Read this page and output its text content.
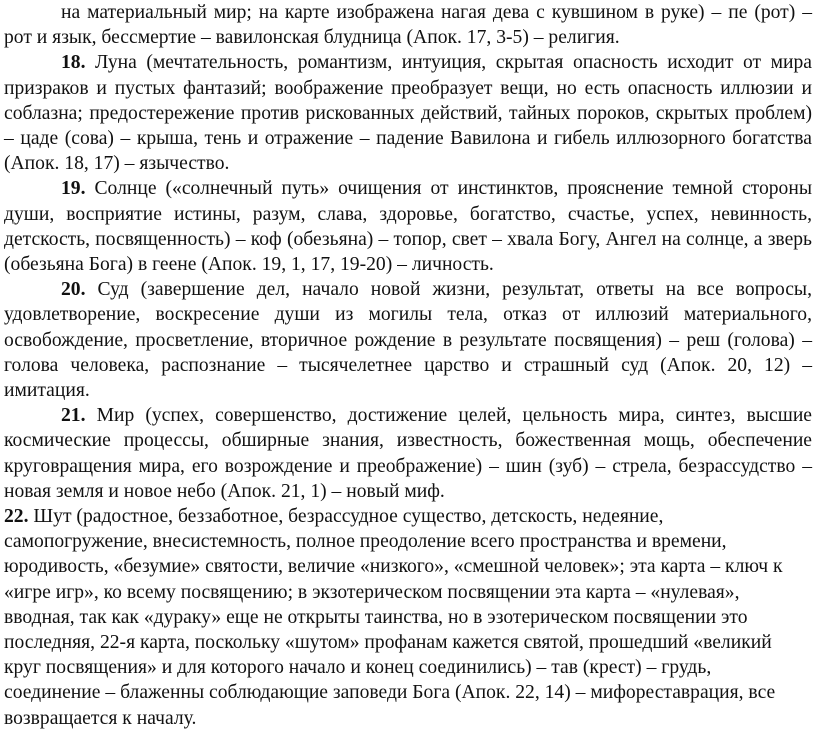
на материальный мир; на карте изображена нагая дева с кувшином в руке) – пе (рот) – рот и язык, бессмертие – вавилонская блудница (Апок. 17, 3-5) – религия.

18. Луна (мечтательность, романтизм, интуиция, скрытая опасность исходит от мира призраков и пустых фантазий; воображение преобразует вещи, но есть опасность иллюзии и соблазна; предостережение против рискованных действий, тайных пороков, скрытых проблем) – цаде (сова) – крыша, тень и отражение – падение Вавилона и гибель иллюзорного богатства (Апок. 18, 17) – язычество.

19. Солнце («солнечный путь» очищения от инстинктов, прояснение темной стороны души, восприятие истины, разум, слава, здоровье, богатство, счастье, успех, невинность, детскость, посвященность) – коф (обезьяна) – топор, свет – хвала Богу, Ангел на солнце, а зверь (обезьяна Бога) в геене (Апок. 19, 1, 17, 19-20) – личность.

20. Суд (завершение дел, начало новой жизни, результат, ответы на все вопросы, удовлетворение, воскресение души из могилы тела, отказ от иллюзий материального, освобождение, просветление, вторичное рождение в результате посвящения) – реш (голова) – голова человека, распознание – тысячелетнее царство и страшный суд (Апок. 20, 12) – имитация.

21. Мир (успех, совершенство, достижение целей, цельность мира, синтез, высшие космические процессы, обширные знания, известность, божественная мощь, обеспечение круговращения мира, его возрождение и преображение) – шин (зуб) – стрела, безрассудство – новая земля и новое небо (Апок. 21, 1) – новый миф.

22. Шут (радостное, беззаботное, безрассудное существо, детскость, недеяние, самопогружение, внесистемность, полное преодоление всего пространства и времени, юродивость, «безумие» святости, величие «низкого», «смешной человек»; эта карта – ключ к «игре игр», ко всему посвящению; в экзотерическом посвящении эта карта – «нулевая», вводная, так как «дураку» еще не открыты таинства, но в эзотерическом посвящении это последняя, 22-я карта, поскольку «шутом» профанам кажется святой, прошедший «великий круг посвящения» и для которого начало и конец соединились) – тав (крест) – грудь, соединение – блаженны соблюдающие заповеди Бога (Апок. 22, 14) – мифореставрация, все возвращается к началу.
